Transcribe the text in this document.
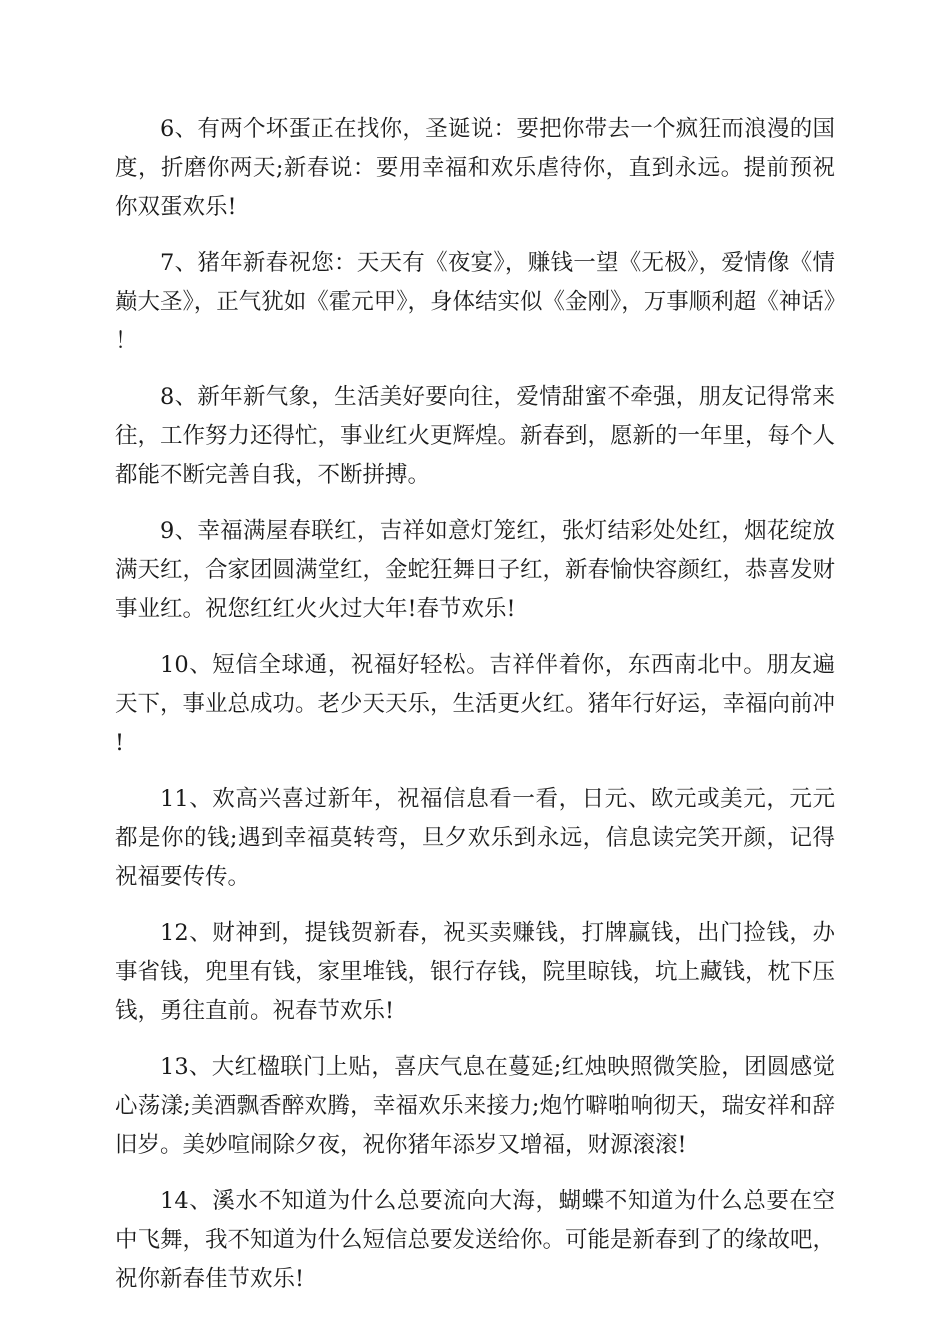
6、有两个坏蛋正在找你，圣诞说：要把你带去一个疯狂而浪漫的国度，折磨你两天;新春说：要用幸福和欢乐虐待你，直到永远。提前预祝你双蛋欢乐!

7、猪年新春祝您：天天有《夜宴》，赚钱一望《无极》，爱情像《情巅大圣》，正气犹如《霍元甲》，身体结实似《金刚》，万事顺利超《神话》！

8、新年新气象，生活美好要向往，爱情甜蜜不牵强，朋友记得常来往，工作努力还得忙，事业红火更辉煌。新春到，愿新的一年里，每个人都能不断完善自我，不断拼搏。

9、幸福满屋春联红，吉祥如意灯笼红，张灯结彩处处红，烟花绽放满天红，合家团圆满堂红，金蛇狂舞日子红，新春愉快容颜红，恭喜发财事业红。祝您红红火火过大年!春节欢乐!

10、短信全球通，祝福好轻松。吉祥伴着你，东西南北中。朋友遍天下，事业总成功。老少天天乐，生活更火红。猪年行好运，幸福向前冲!

11、欢高兴喜过新年，祝福信息看一看，日元、欧元或美元，元元都是你的钱;遇到幸福莫转弯，旦夕欢乐到永远，信息读完笑开颜，记得祝福要传传。

12、财神到，提钱贺新春，祝买卖赚钱，打牌赢钱，出门捡钱，办事省钱，兜里有钱，家里堆钱，银行存钱，院里晾钱，坑上藏钱，枕下压钱，勇往直前。祝春节欢乐!

13、大红楹联门上贴，喜庆气息在蔓延;红烛映照微笑脸，团圆感觉心荡漾;美酒飘香醉欢腾，幸福欢乐来接力;炮竹噼啪响彻天，瑞安祥和辞旧岁。美妙喧闹除夕夜，祝你猪年添岁又增福，财源滚滚!

14、溪水不知道为什么总要流向大海，蝴蝶不知道为什么总要在空中飞舞，我不知道为什么短信总要发送给你。可能是新春到了的缘故吧，祝你新春佳节欢乐!
